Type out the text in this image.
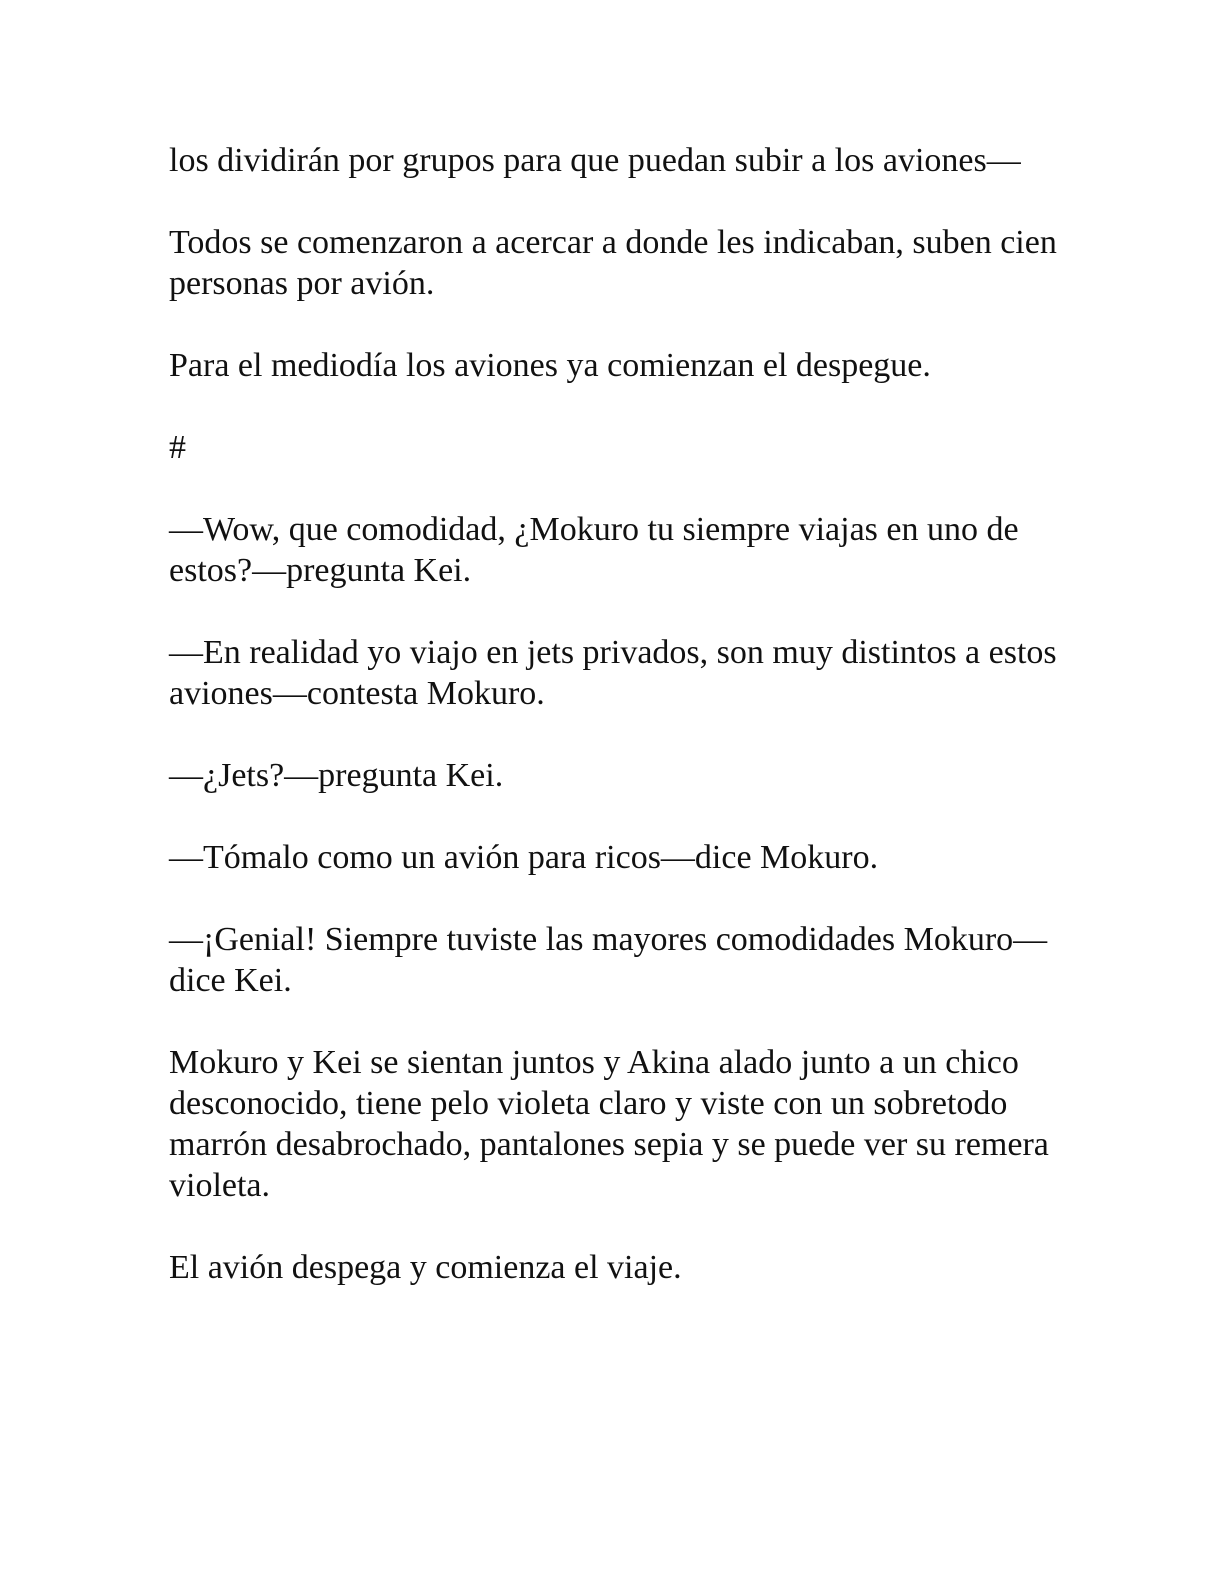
los dividirán por grupos para que puedan subir a los aviones—

Todos se comenzaron a acercar a donde les indicaban, suben cien personas por avión.

Para el mediodía los aviones ya comienzan el despegue.

#

—Wow, que comodidad, ¿Mokuro tu siempre viajas en uno de estos?—pregunta Kei.

—En realidad yo viajo en jets privados, son muy distintos a estos aviones—contesta Mokuro.

—¿Jets?—pregunta Kei.

—Tómalo como un avión para ricos—dice Mokuro.

—¡Genial! Siempre tuviste las mayores comodidades Mokuro—dice Kei.

Mokuro y Kei se sientan juntos y Akina alado junto a un chico desconocido, tiene pelo violeta claro y viste con un sobretodo marrón desabrochado, pantalones sepia y se puede ver su remera violeta.

El avión despega y comienza el viaje.
